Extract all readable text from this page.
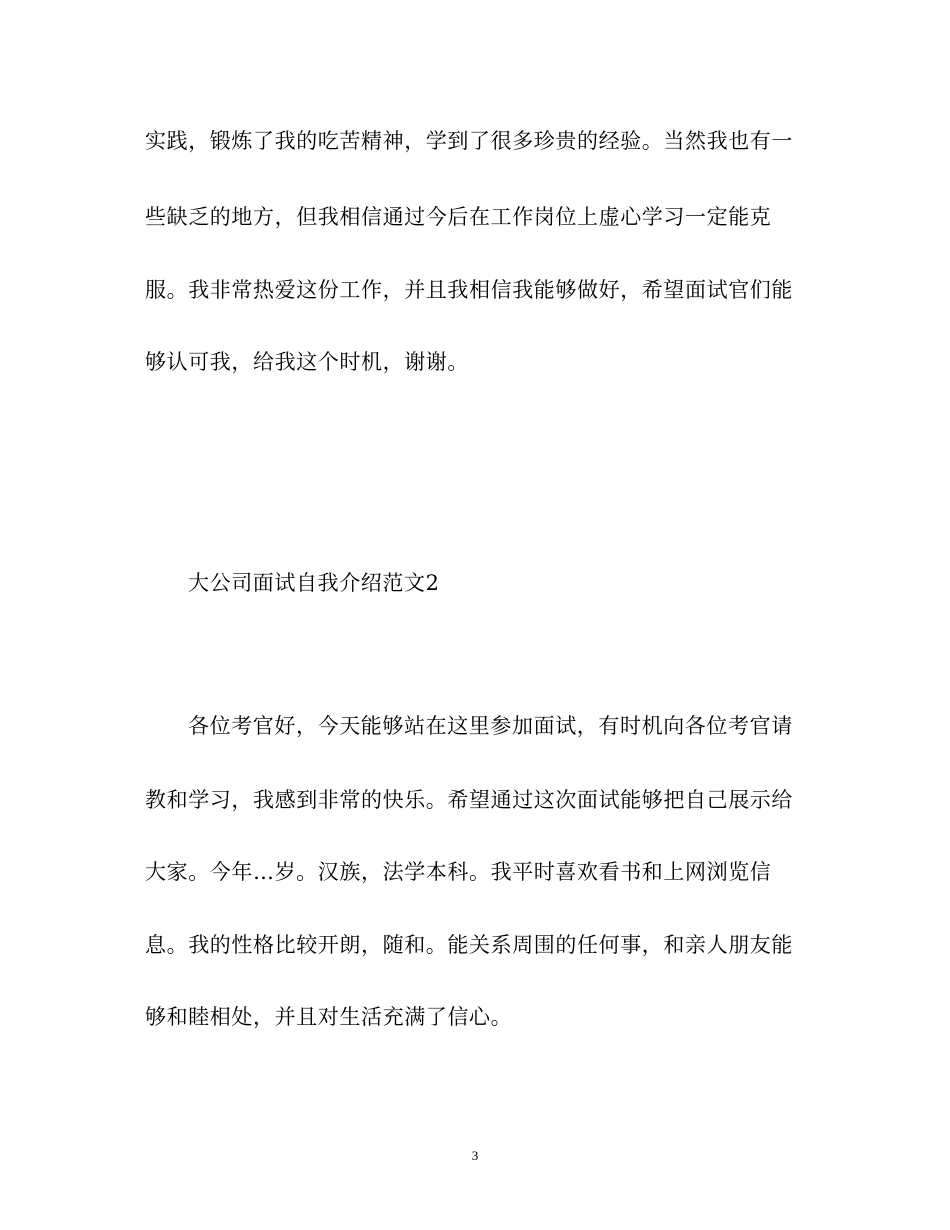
实践，锻炼了我的吃苦精神，学到了很多珍贵的经验。当然我也有一
些缺乏的地方，但我相信通过今后在工作岗位上虚心学习一定能克
服。我非常热爱这份工作，并且我相信我能够做好，希望面试官们能
够认可我，给我这个时机，谢谢。
大公司面试自我介绍范文2
各位考官好，今天能够站在这里参加面试，有时机向各位考官请
教和学习，我感到非常的快乐。希望通过这次面试能够把自己展示给
大家。今年…岁。汉族，法学本科。我平时喜欢看书和上网浏览信
息。我的性格比较开朗，随和。能关系周围的任何事，和亲人朋友能
够和睦相处，并且对生活充满了信心。
3
